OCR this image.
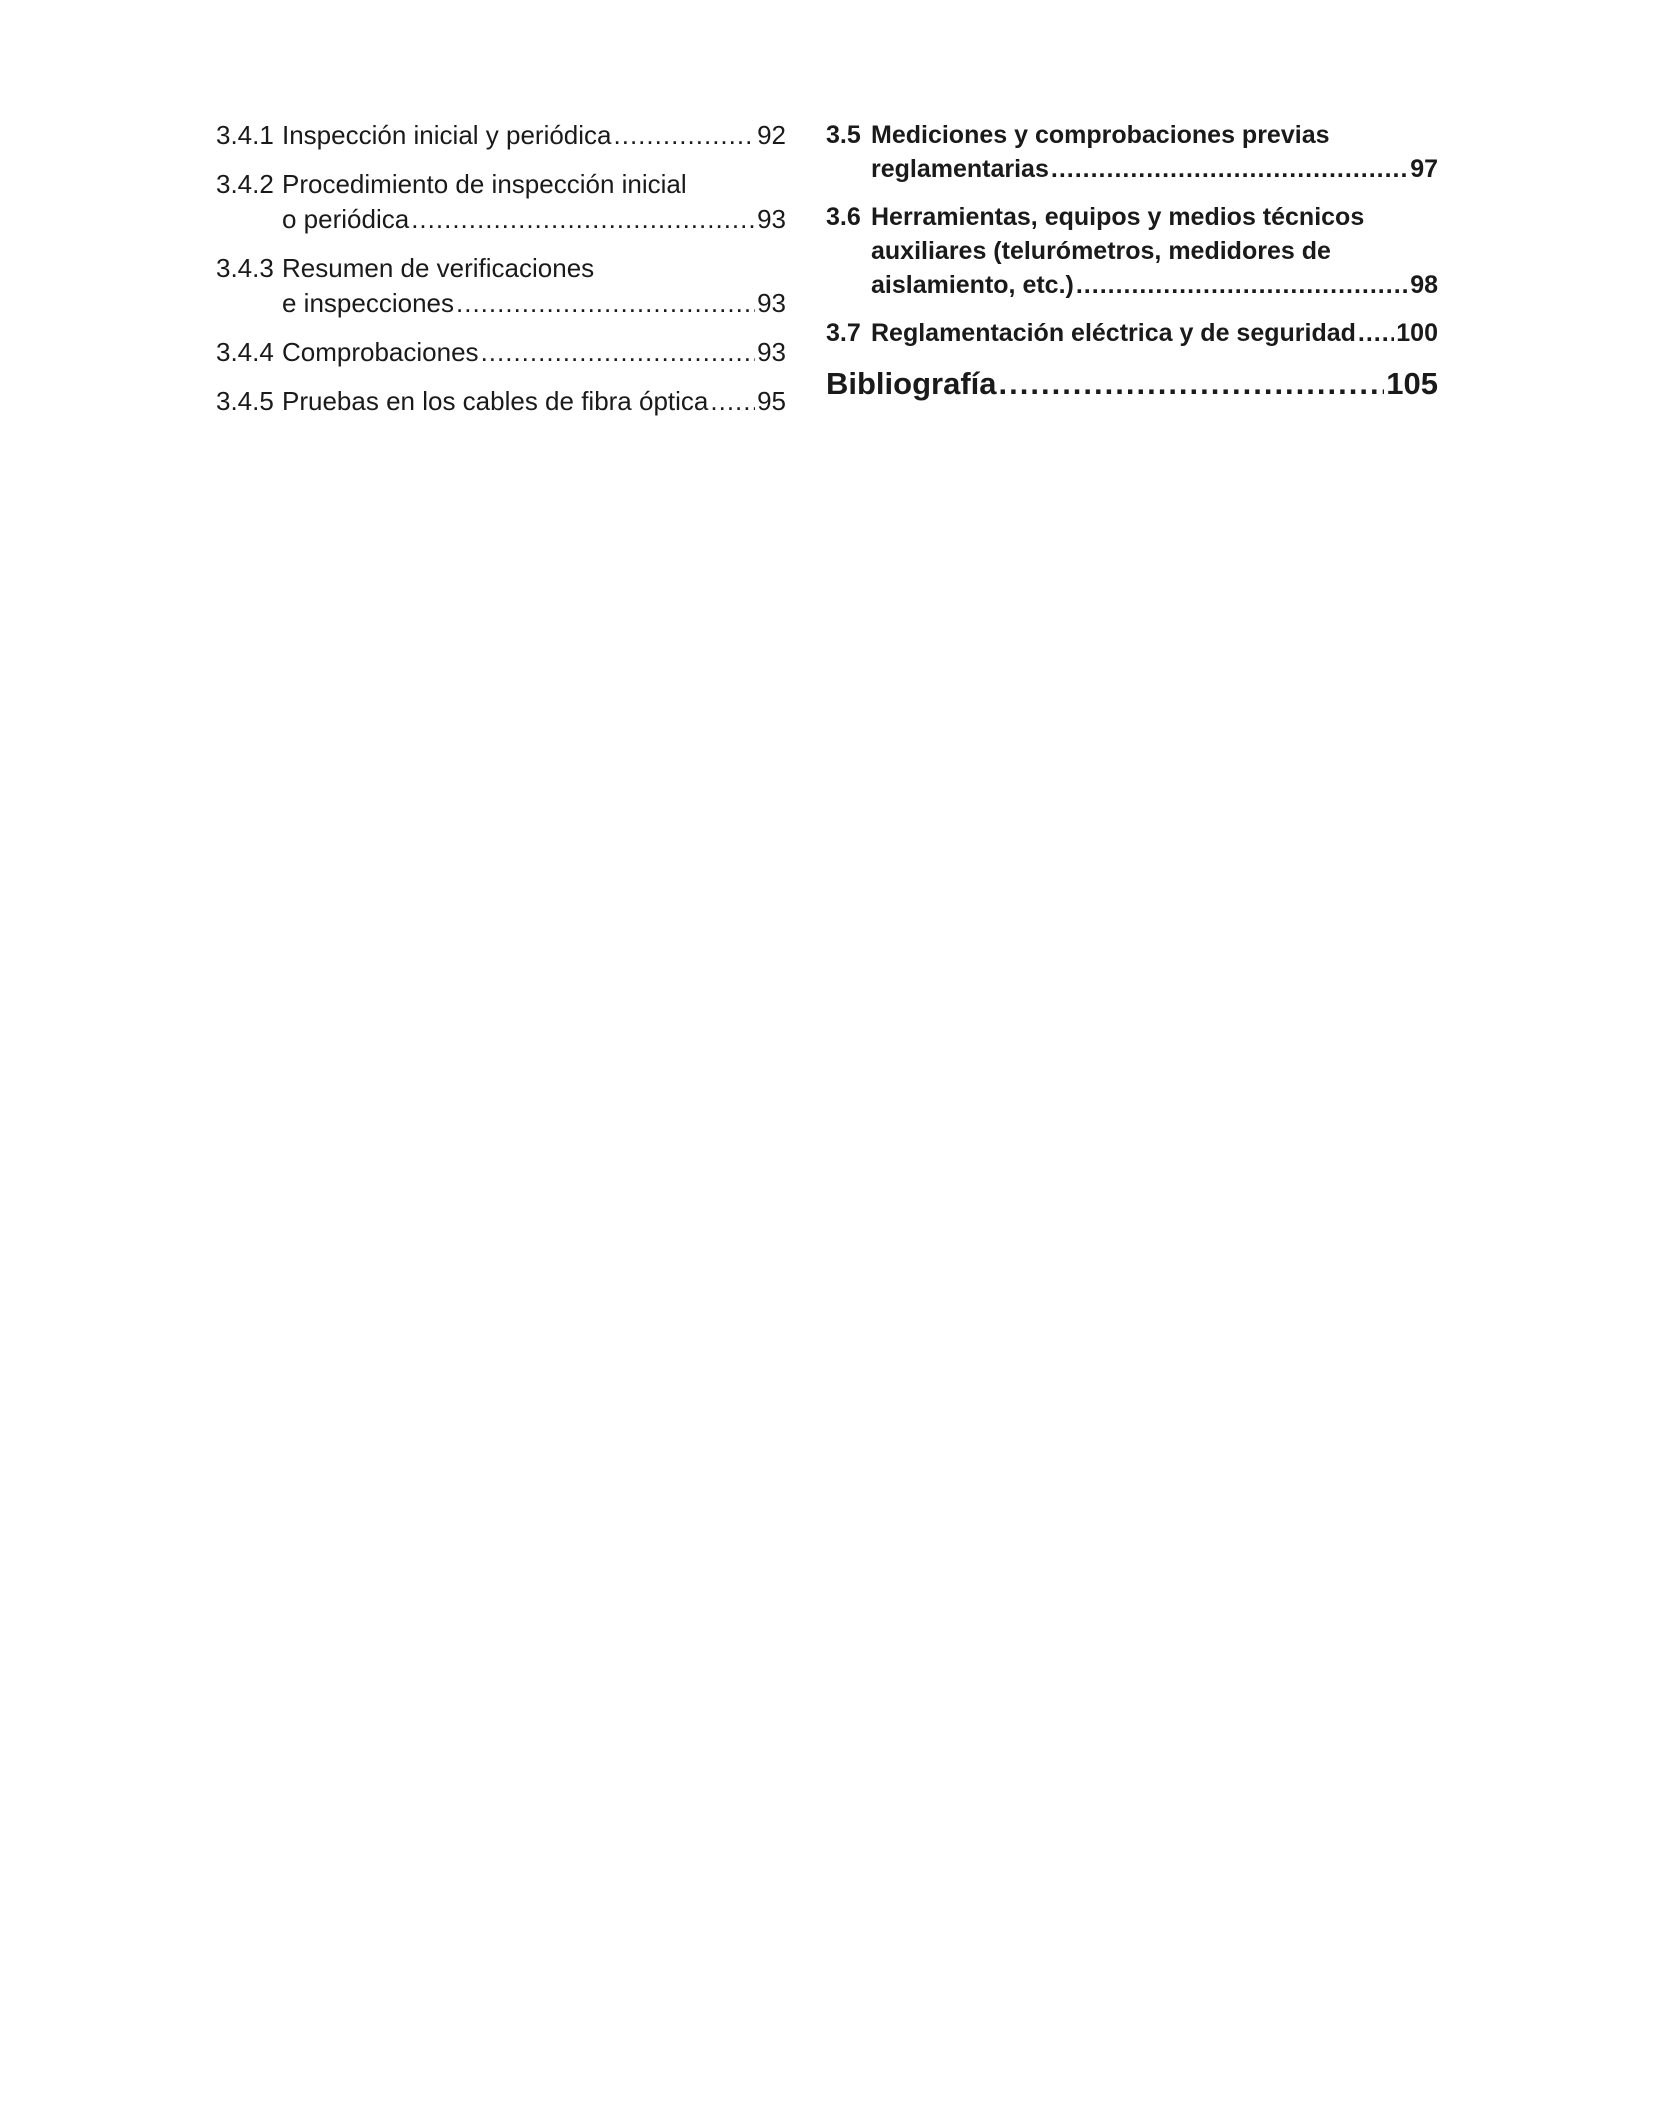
3.4.1 Inspección inicial y periódica .....	92
3.4.2 Procedimiento de inspección inicial
o periódica .....	93
3.4.3 Resumen de verificaciones
e inspecciones .....	93
3.4.4 Comprobaciones .....	93
3.4.5 Pruebas en los cables de fibra óptica ..... 95
3.5 Mediciones y comprobaciones previas
reglamentarias .....	97
3.6 Herramientas, equipos y medios técnicos
auxiliares (telurómetros, medidores de
aislamiento, etc.) .....	98
3.7 Reglamentación eléctrica y de seguridad ..... 100
Bibliografía .....	105
